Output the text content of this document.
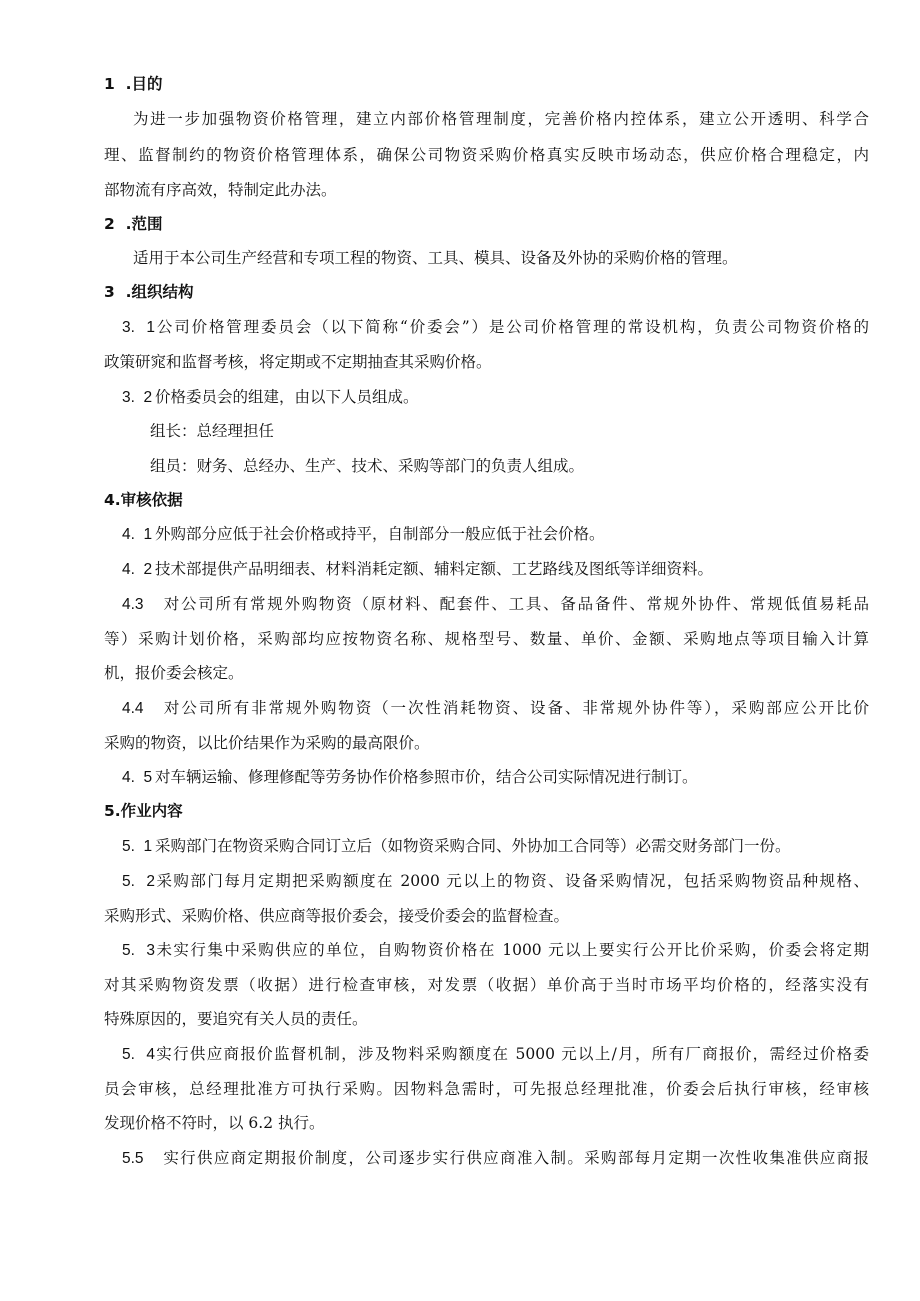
1  .目的
为进一步加强物资价格管理，建立内部价格管理制度，完善价格内控体系，建立公开透明、科学合
理、监督制约的物资价格管理体系，确保公司物资采购价格真实反映市场动态，供应价格合理稳定，内
部物流有序高效，特制定此办法。
2  .范围
适用于本公司生产经营和专项工程的物资、工具、模具、设备及外协的采购价格的管理。
3  .组织结构
3.  1公司价格管理委员会（以下简称“价委会”）是公司价格管理的常设机构，负责公司物资价格的
政策研窕和监督考核，将定期或不定期抽查其采购价格。
3.  2 价格委员会的组建，由以下人员组成。
组长：总经理担任
组员：财务、总经办、生产、技术、采购等部门的负责人组成。
4.审核依据
4.  1 外购部分应低于社会价格或持平，自制部分一般应低于社会价格。
4.  2 技术部提供产品明细表、材料消耗定额、辅料定额、工艺路线及图纸等详细资料。
4.3 对公司所有常规外购物资（原材料、配套件、工具、备品备件、常规外协件、常规低值易耗品
等）采购计划价格，采购部均应按物资名称、规格型号、数量、单价、金额、采购地点等项目输入计算
机，报价委会核定。
4.4 对公司所有非常规外购物资（一次性消耗物资、设备、非常规外协件等），采购部应公开比价
采购的物资，以比价结果作为采购的最高限价。
4.  5 对车辆运输、修理修配等劳务协作价格参照市价，结合公司实际情况进行制订。
5.作业内容
5.  1 采购部门在物资采购合同订立后（如物资采购合同、外协加工合同等）必需交财务部门一份。
5.  2采购部门每月定期把采购额度在 2000 元以上的物资、设备采购情况，包括采购物资品种规格、
采购形式、采购价格、供应商等报价委会，接受价委会的监督检查。
5.  3未实行集中采购供应的单位，自购物资价格在 1000 元以上要实行公开比价采购，价委会将定期
对其采购物资发票（收据）进行检查审核，对发票（收据）单价高于当时市场平均价格的，经落实没有
特殊原因的，要追究有关人员的责任。
5.  4实行供应商报价监督机制，涉及物料采购额度在 5000 元以上/月，所有厂商报价，需经过价格委
员会审核，总经理批准方可执行采购。因物料急需时，可先报总经理批准，价委会后执行审核，经审核
发现价格不符时，以 6.2 执行。
5.5 实行供应商定期报价制度，公司逐步实行供应商准入制。采购部每月定期一次性收集准供应商报
